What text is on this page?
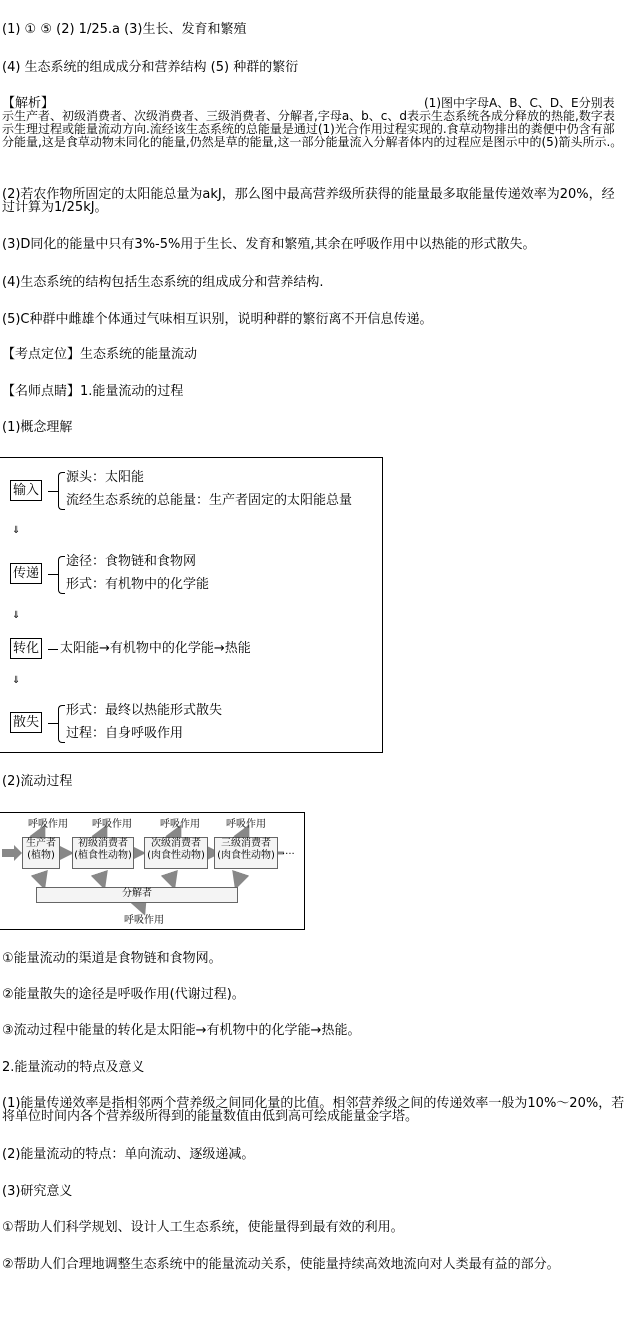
(1) ① ⑤ (2) 1/25.a (3)生长、发育和繁殖
(4) 生态系统的组成成分和营养结构 (5) 种群的繁衍
【解析】	(1)图中字母A、B、C、D、E分别表
示生产者、初级消费者、次级消费者、三级消费者、分解者,字母a、b、c、d表示生态系统各成分释放的热能,数字表示生理过程或能量流动方向.流经该生态系统的总能量是通过(1)光合作用过程实现的.食草动物排出的粪便中仍含有部分能量,这是食草动物未同化的能量,仍然是草的能量,这一部分能量流入分解者体内的过程应是图示中的(5)箭头所示.。
(2)若农作物所固定的太阳能总量为akJ，那么图中最高营养级所获得的能量最多取能量传递效率为20%，经过计算为1/25kJ。
(3)D同化的能量中只有3%-5%用于生长、发育和繁殖,其余在呼吸作用中以热能的形式散失。
(4)生态系统的结构包括生态系统的组成成分和营养结构.
(5)C种群中雌雄个体通过气味相互识别，说明种群的繁衍离不开信息传递。
【考点定位】生态系统的能量流动
【名师点睛】1.能量流动的过程
(1)概念理解
输入
源头：太阳能
流经生态系统的总能量：生产者固定的太阳能总量
⇓
传递
途径：食物链和食物网
形式：有机物中的化学能
⇓
转化 太阳能→有机物中的化学能→热能
⇓
散失
形式：最终以热能形式散失
过程：自身呼吸作用
(2)流动过程
呼吸作用 呼吸作用	呼吸作用	呼吸作用
生产者
(植物)
初级消费者
(植食性动物)
次级消费者
(肉食性动物)
三级消费者
(肉食性动物) ····
分解者
呼吸作用
①能量流动的渠道是食物链和食物网。
②能量散失的途径是呼吸作用(代谢过程)。
③流动过程中能量的转化是太阳能→有机物中的化学能→热能。
2.能量流动的特点及意义
(1)能量传递效率是指相邻两个营养级之间同化量的比值。相邻营养级之间的传递效率一般为10%～20%，若将单位时间内各个营养级所得到的能量数值由低到高可绘成能量金字塔。
(2)能量流动的特点：单向流动、逐级递减。
(3)研究意义
①帮助人们科学规划、设计人工生态系统，使能量得到最有效的利用。
②帮助人们合理地调整生态系统中的能量流动关系，使能量持续高效地流向对人类最有益的部分。
